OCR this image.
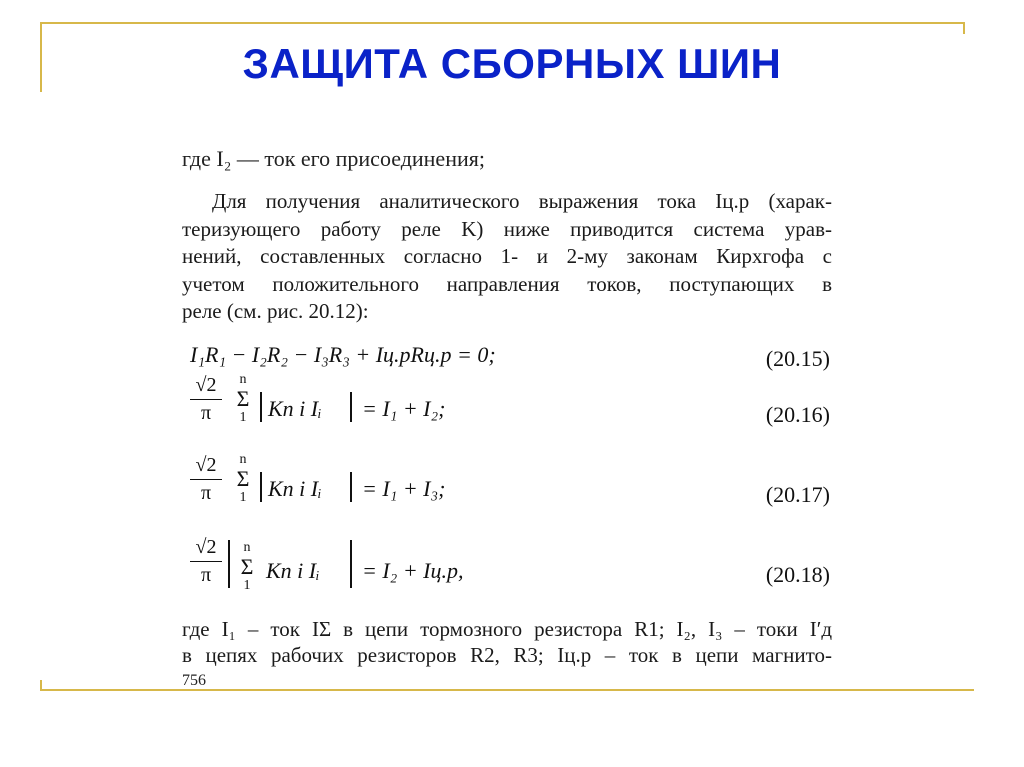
ЗАЩИТА СБОРНЫХ ШИН
где I₂ — ток его присоединения;
Для получения аналитического выражения тока Iц.р (харак-
теризующего работу реле K) ниже приводится система урав-
нений, составленных согласно 1- и 2-му законам Кирхгофа с
учетом положительного направления токов, поступающих в
реле (см. рис. 20.12):
I₁R₁ − I₂R₂ − I₃R₃ + Iц.рRц.р = 0;	(20.15)
$\frac{√2}{\pi}$	n
Σ
1 Kп i Iᵢ = I₁ + I₂;	(20.16)
$\frac{√2}{\pi}$	n
Σ
1 Kп i Iᵢ = I₁ + I₃;	(20.17)
$\frac{√2}{\pi}$	n
Σ
1
Kп i Iᵢ = I₂ + Iц.р,	(20.18)
где I₁ – ток IΣ в цепи тормозного резистора R1; I₂, I₃ – токи I′д
в цепях рабочих резисторов R2, R3; Iц.р – ток в цепи магнито-
756
